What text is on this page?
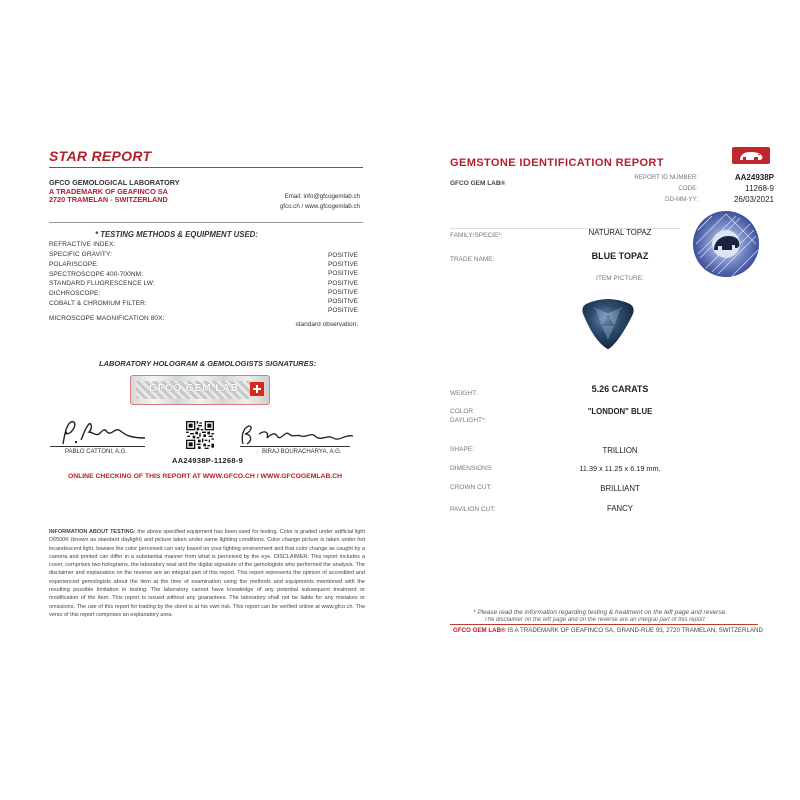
STAR REPORT
GFCO GEMOLOGICAL LABORATORY
A TRADEMARK OF GEAFINCO SA
2720 TRAMELAN - SWITZERLAND	Email: info@gfcogemlab.ch
gfco.ch / www.gfcogemlab.ch
* TESTING METHODS & EQUIPMENT USED:
REFRACTIVE INDEX:
SPECIFIC GRAVITY:	POSITIVE
POLARISCOPE:	POSITIVE
SPECTROSCOPE 400-700NM:	POSITIVE
STANDARD FLUORESCENCE LW:	POSITIVE
DICHROSCOPE:	POSITIVE
COBALT & CHROMIUM FILTER:	POSITIVE
POSITIVE
MICROSCOPE MAGNIFICATION 80X:
standard observation;
LABORATORY HOLOGRAM & GEMOLOGISTS SIGNATURES:
GFCO GEM LAB
PABLO CATTONI, A.G.	BIRAJ BOURACHARYA, A.G.
AA24938P-11268-9
ONLINE CHECKING OF THIS REPORT AT WWW.GFCO.CH / WWW.GFCOGEMLAB.CH
INFORMATION ABOUT TESTING: the above specified equipment has been used for testing. Color is graded under artificial light D6500K (known as standard daylight) and picture taken under same lighting conditions. Color change picture is taken under hot incandescent light, beware the color perceived can vary based on your lighting environment and that color change as caught by a camera and printed can differ in a substantial manner from what is perceived by the eye. DISCLAIMER: This report includes a cover, comprises two holograms, the laboratory seal and the digital signature of the gemologists who performed the analysis. The disclaimer and explanation on the reverse are an integral part of this report. This report represents the opinion of accredited and experienced gemologists about the item at the time of examination using the methods and equipments mentioned with the resulting possible limitation in testing. The laboratory cannot have knowledge of any potential subsequent treatment or modification of the item. This report is issued without any guarantees. The laboratory shall not be liable for any mistakes or omissions. The use of this report for trading by the client is at his own risk. This report can be verified online at www.gfco.ch. The verso of this report comprises an explanatory area.
GEMSTONE IDENTIFICATION REPORT
GFCO GEM LAB®
REPORT ID NUMBER:	AA24938P
CODE:	11268-9
DD-MM-YY:	26/03/2021
FAMILY/SPECIE*:	NATURAL TOPAZ
TRADE NAME:	BLUE TOPAZ
ITEM PICTURE:
WEIGHT:	5.26 CARATS
COLOR
DAYLIGHT*:
"LONDON" BLUE
SHAPE:	TRILLION
DIMENSIONS:	11.39 x 11.25 x 6.19 mm.
CROWN CUT:	BRILLIANT
PAVILION CUT:	FANCY
* Please read the information regarding testing & treatment on the left page and reverse.
GFCO GEM LAB® IS A TRADEMARK OF GEAFINCO SA, GRAND-RUE 93, 2720 TRAMELAN, SWITZERLAND
The disclaimer on the left page and on the reverse are an integral part of this report
